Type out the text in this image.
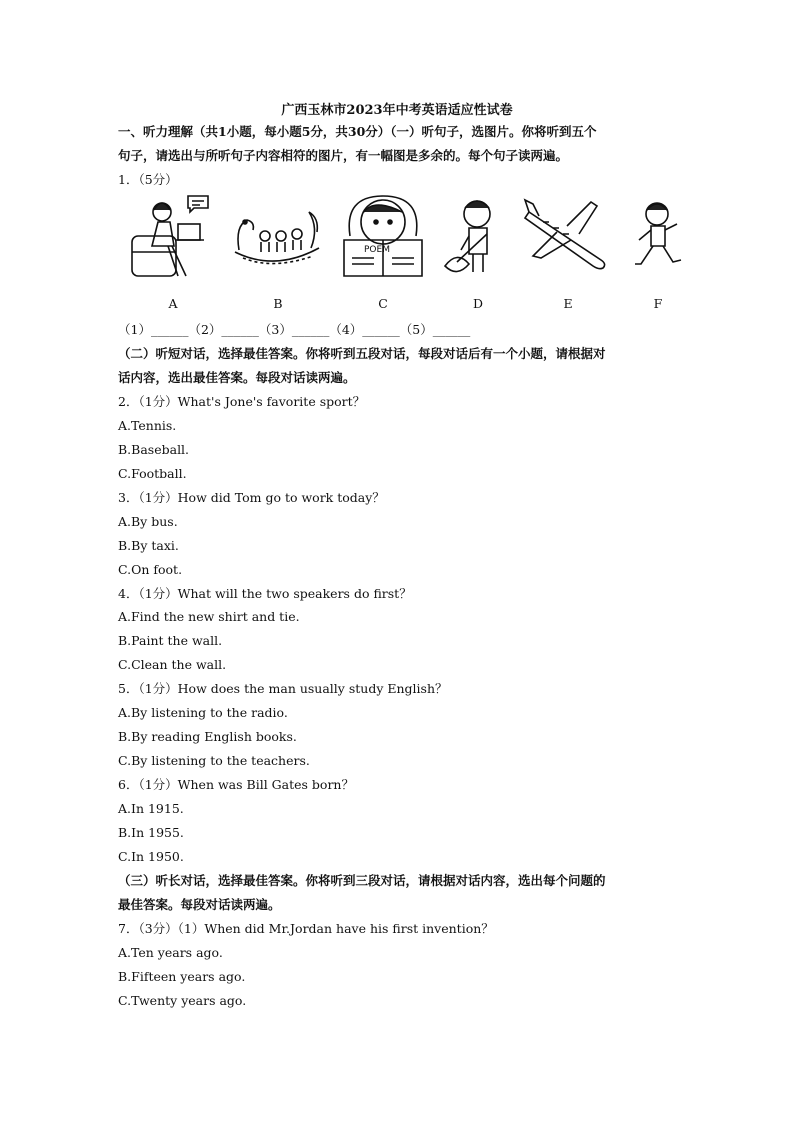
广西玉林市2023年中考英语适应性试卷
一、听力理解（共1小题，每小题5分，共30分）（一）听句子，选图片。你将听到五个
句子，请选出与所听句子内容相符的图片，有一幅图是多余的。每个句子读两遍。
1．（5分）
A	B
POEM
C	D	E	F
（1）______（2）______（3）______（4）______（5）______
（二）听短对话，选择最佳答案。你将听到五段对话，每段对话后有一个小题，请根据对
话内容，选出最佳答案。每段对话读两遍。
2．（1分）What's Jone's favorite sport？
A.Tennis.
B.Baseball.
C.Football.
3．（1分）How did Tom go to work today？
A.By bus.
B.By taxi.
C.On foot.
4．（1分）What will the two speakers do first？
A.Find the new shirt and tie.
B.Paint the wall.
C.Clean the wall.
5．（1分）How does the man usually study English？
A.By listening to the radio.
B.By reading English books.
C.By listening to the teachers.
6．（1分）When was Bill Gates born？
A.In 1915.
B.In 1955.
C.In 1950.
（三）听长对话，选择最佳答案。你将听到三段对话，请根据对话内容，选出每个问题的
最佳答案。每段对话读两遍。
7．（3分）（1）When did Mr.Jordan have his first invention？
A.Ten years ago.
B.Fifteen years ago.
C.Twenty years ago.
